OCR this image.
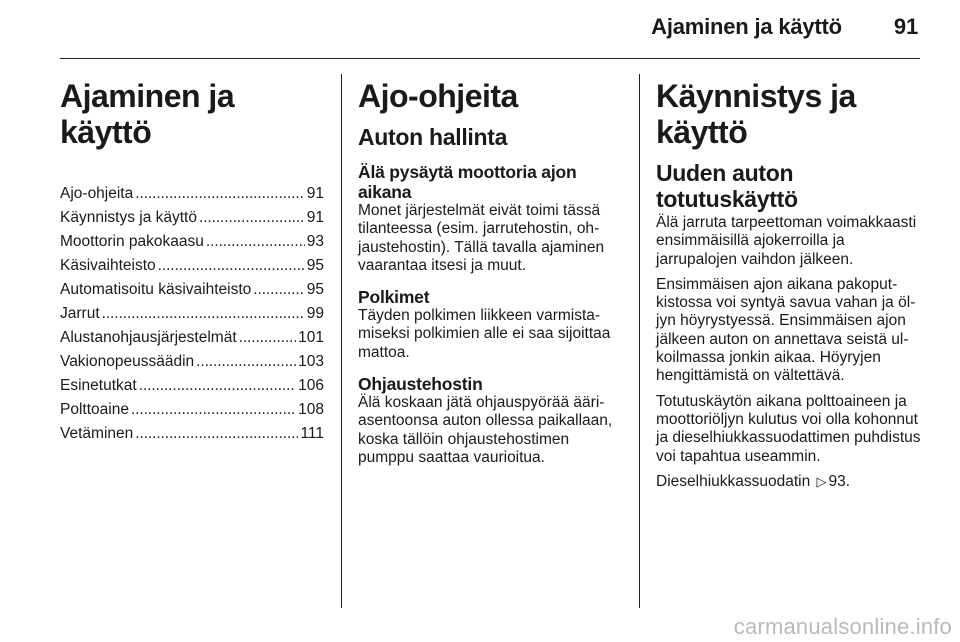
Ajaminen ja käyttö 91
Ajaminen ja käyttö
Ajo-ohjeita . . .	91
Käynnistys ja käyttö . . .	91
Moottorin pakokaasu . . .	93
Käsivaihteisto . . .	95
Automatisoitu käsivaihteisto . . .	95
Jarrut . . .	99
Alustanohjausjärjestelmät . . .	101
Vakionopeussäädin . . .	103
Esinetutkat . . .	106
Polttoaine . . .	108
Vetäminen . . .	111
Ajo-ohjeita
Auton hallinta
Älä pysäytä moottoria ajon aikana
Monet järjestelmät eivät toimi tässä tilanteessa (esim. jarrutehostin, ohjaustehostin). Tällä tavalla ajaminen vaarantaa itsesi ja muut.
Polkimet
Täyden polkimen liikkeen varmistamiseksi polkimien alle ei saa sijoittaa mattoa.
Ohjaustehostin
Älä koskaan jätä ohjauspyörää ääriasentoonsa auton ollessa paikallaan, koska tällöin ohjaustehostimen pumppu saattaa vaurioitua.
Käynnistys ja käyttö
Uuden auton totutuskäyttö
Älä jarruta tarpeettoman voimakkaasti ensimmäisillä ajokerroilla ja jarrupalojen vaihdon jälkeen.
Ensimmäisen ajon aikana pakoputkistossa voi syntyä savua vahan ja öljyn höyrystyessä. Ensimmäisen ajon jälkeen auton on annettava seistä ulkoilmassa jonkin aikaa. Höyryjen hengittämistä on vältettävä.
Totutuskäytön aikana polttoaineen ja moottoriöljyn kulutus voi olla kohonnut ja dieselhiukkassuodattimen puhdistus voi tapahtua useammin.
Dieselhiukkassuodatin ▷ 93.
carmanualsonline.info
